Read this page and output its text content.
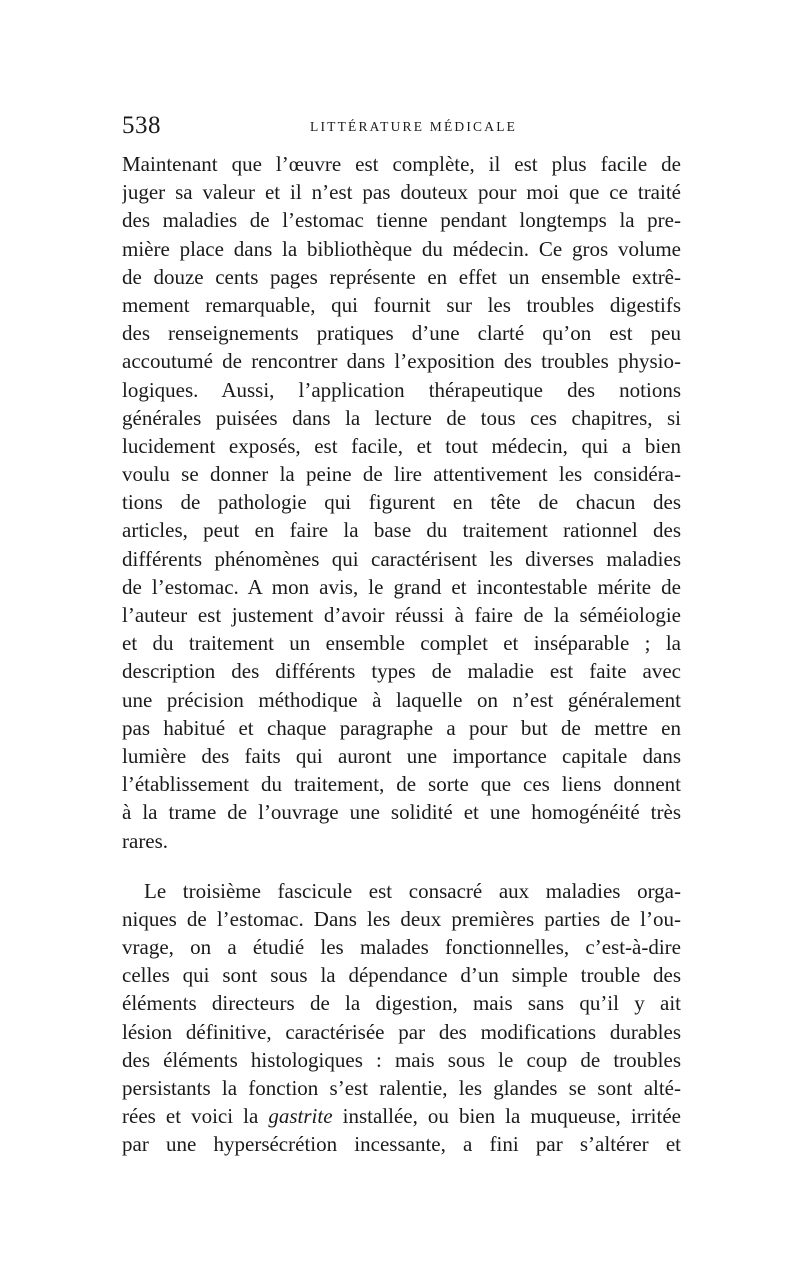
538	LITTÉRATURE MÉDICALE
Maintenant que l’œuvre est complète, il est plus facile de
juger sa valeur et il n’est pas douteux pour moi que ce traité
des maladies de l’estomac tienne pendant longtemps la pre-
mière place dans la bibliothèque du médecin. Ce gros volume
de douze cents pages représente en effet un ensemble extrê-
mement remarquable, qui fournit sur les troubles digestifs
des renseignements pratiques d’une clarté qu’on est peu
accoutumé de rencontrer dans l’exposition des troubles physio-
logiques. Aussi, l’application thérapeutique des notions
générales puisées dans la lecture de tous ces chapitres, si
lucidement exposés, est facile, et tout médecin, qui a bien
voulu se donner la peine de lire attentivement les considéra-
tions de pathologie qui figurent en tête de chacun des
articles, peut en faire la base du traitement rationnel des
différents phénomènes qui caractérisent les diverses maladies
de l’estomac. A mon avis, le grand et incontestable mérite de
l’auteur est justement d’avoir réussi à faire de la séméiologie
et du traitement un ensemble complet et inséparable ; la
description des différents types de maladie est faite avec
une précision méthodique à laquelle on n’est généralement
pas habitué et chaque paragraphe a pour but de mettre en
lumière des faits qui auront une importance capitale dans
l’établissement du traitement, de sorte que ces liens donnent
à la trame de l’ouvrage une solidité et une homogénéité très
rares.
Le troisième fascicule est consacré aux maladies orga-
niques de l’estomac. Dans les deux premières parties de l’ou-
vrage, on a étudié les malades fonctionnelles, c’est-à-dire
celles qui sont sous la dépendance d’un simple trouble des
éléments directeurs de la digestion, mais sans qu’il y ait
lésion définitive, caractérisée par des modifications durables
des éléments histologiques : mais sous le coup de troubles
persistants la fonction s’est ralentie, les glandes se sont alté-
rées et voici la gastrite installée, ou bien la muqueuse, irritée
par une hypersécrétion incessante, a fini par s’altérer et
